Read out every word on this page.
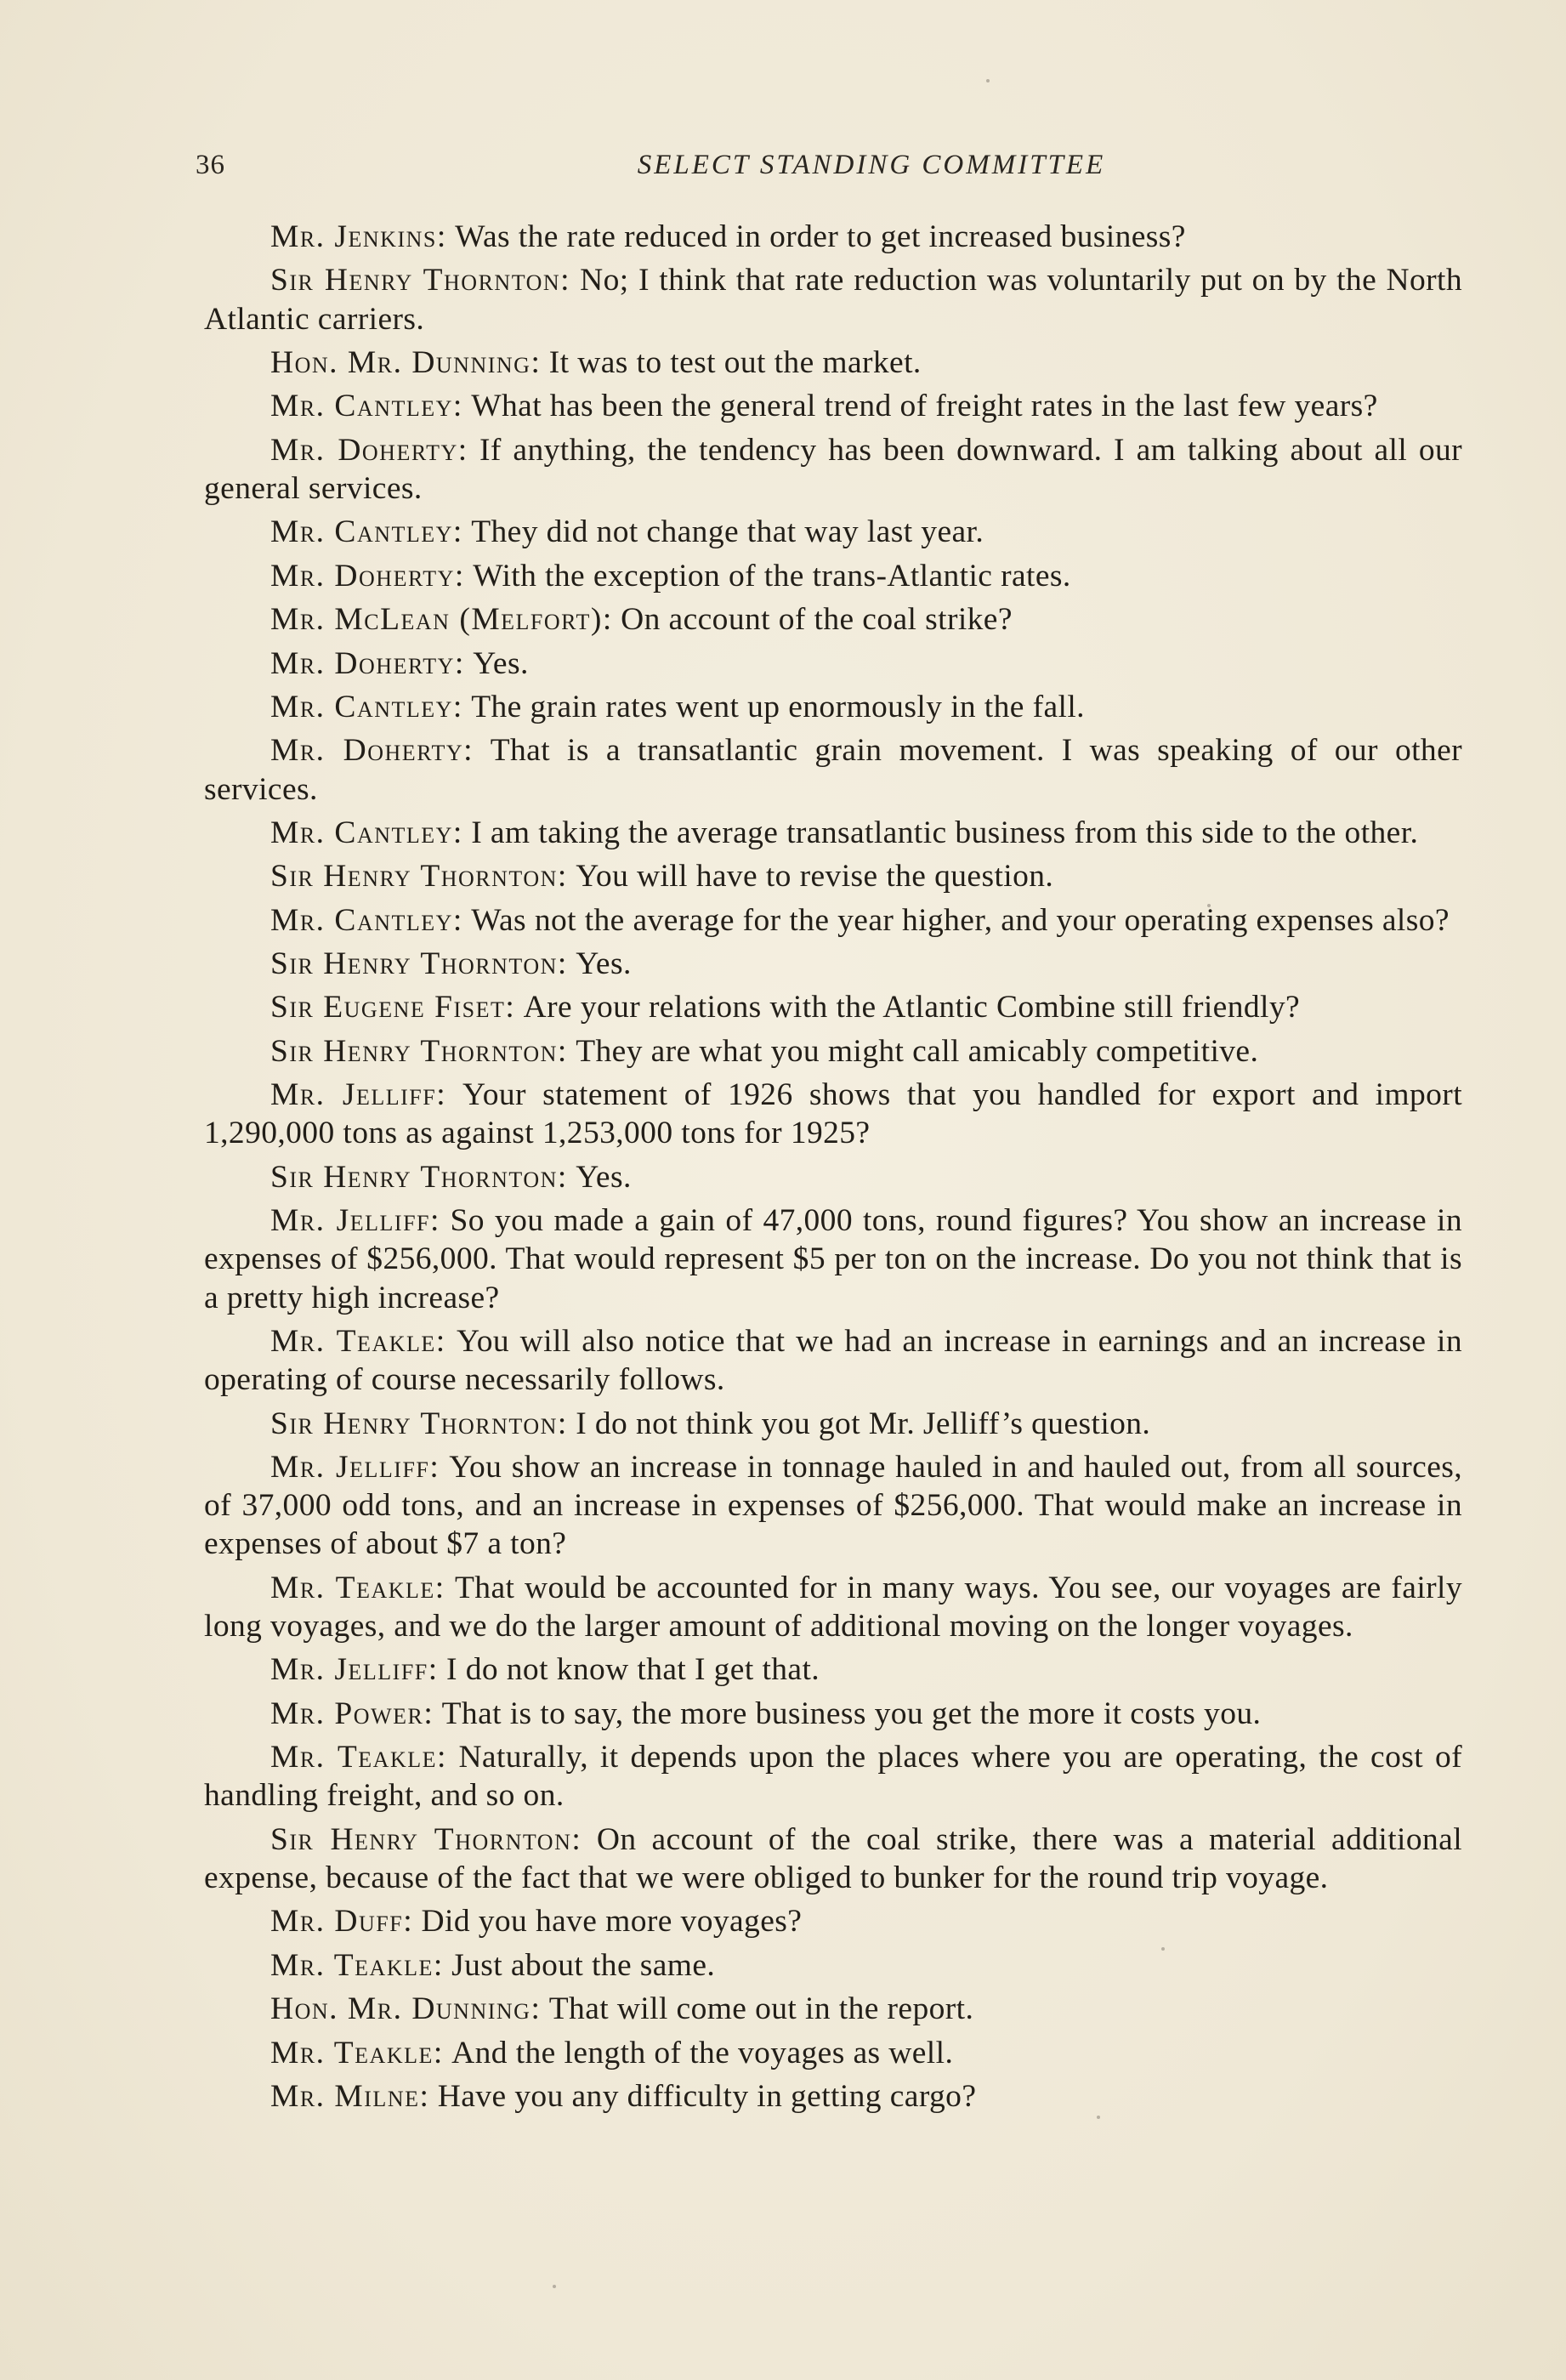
36	SELECT STANDING COMMITTEE

Mr. Jenkins: Was the rate reduced in order to get increased business?

Sir Henry Thornton: No; I think that rate reduction was voluntarily put on by the North Atlantic carriers.

Hon. Mr. Dunning: It was to test out the market.

Mr. Cantley: What has been the general trend of freight rates in the last few years?

Mr. Doherty: If anything, the tendency has been downward. I am talking about all our general services.

Mr. Cantley: They did not change that way last year.

Mr. Doherty: With the exception of the trans-Atlantic rates.

Mr. McLean (Melfort): On account of the coal strike?

Mr. Doherty: Yes.

Mr. Cantley: The grain rates went up enormously in the fall.

Mr. Doherty: That is a transatlantic grain movement. I was speaking of our other services.

Mr. Cantley: I am taking the average transatlantic business from this side to the other.

Sir Henry Thornton: You will have to revise the question.

Mr. Cantley: Was not the average for the year higher, and your operating expenses also?

Sir Henry Thornton: Yes.

Sir Eugene Fiset: Are your relations with the Atlantic Combine still friendly?

Sir Henry Thornton: They are what you might call amicably competitive.

Mr. Jelliff: Your statement of 1926 shows that you handled for export and import 1,290,000 tons as against 1,253,000 tons for 1925?

Sir Henry Thornton: Yes.

Mr. Jelliff: So you made a gain of 47,000 tons, round figures? You show an increase in expenses of $256,000. That would represent $5 per ton on the increase. Do you not think that is a pretty high increase?

Mr. Teakle: You will also notice that we had an increase in earnings and an increase in operating of course necessarily follows.

Sir Henry Thornton: I do not think you got Mr. Jelliff’s question.

Mr. Jelliff: You show an increase in tonnage hauled in and hauled out, from all sources, of 37,000 odd tons, and an increase in expenses of $256,000. That would make an increase in expenses of about $7 a ton?

Mr. Teakle: That would be accounted for in many ways. You see, our voyages are fairly long voyages, and we do the larger amount of additional moving on the longer voyages.

Mr. Jelliff: I do not know that I get that.

Mr. Power: That is to say, the more business you get the more it costs you.

Mr. Teakle: Naturally, it depends upon the places where you are operating, the cost of handling freight, and so on.

Sir Henry Thornton: On account of the coal strike, there was a material additional expense, because of the fact that we were obliged to bunker for the round trip voyage.

Mr. Duff: Did you have more voyages?

Mr. Teakle: Just about the same.

Hon. Mr. Dunning: That will come out in the report.

Mr. Teakle: And the length of the voyages as well.

Mr. Milne: Have you any difficulty in getting cargo?
